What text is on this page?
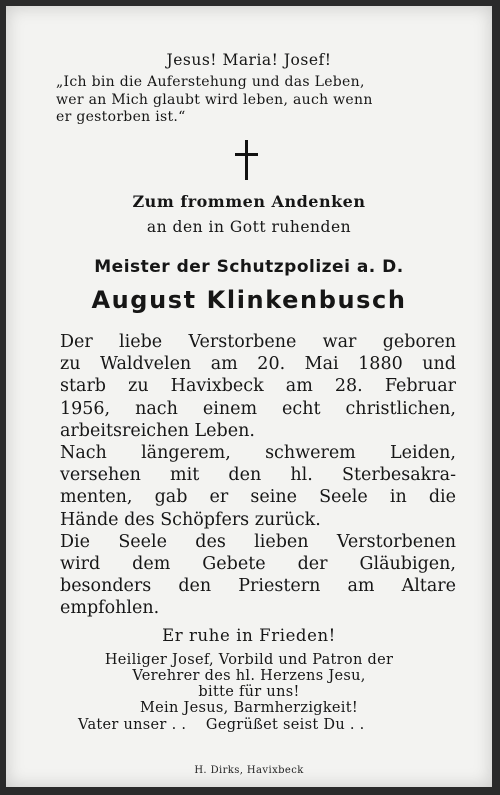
Jesus! Maria! Josef!
„Ich bin die Auferstehung und das Leben,
wer an Mich glaubt wird leben, auch wenn
er gestorben ist.“
Zum frommen Andenken
an den in Gott ruhenden
Meister der Schutzpolizei a. D.
August Klinkenbusch
Der liebe Verstorbene war geboren
zu Waldvelen am 20. Mai 1880 und
starb zu Havixbeck am 28. Februar
1956, nach einem echt christlichen,
arbeitsreichen Leben.
Nach längerem, schwerem Leiden,
versehen mit den hl. Sterbesakra-
menten, gab er seine Seele in die
Hände des Schöpfers zurück.
Die Seele des lieben Verstorbenen
wird dem Gebete der Gläubigen,
besonders den Priestern am Altare
empfohlen.
Er ruhe in Frieden!
Heiliger Josef, Vorbild und Patron der
Verehrer des hl. Herzens Jesu,
bitte für uns!
Mein Jesus, Barmherzigkeit!
Vater unser . .    Gegrüßet seist Du . .
H. Dirks, Havixbeck
